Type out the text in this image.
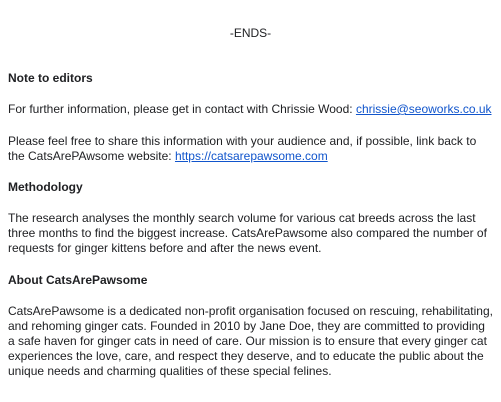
-ENDS-

Note to editors

For further information, please get in contact with Chrissie Wood: chrissie@seoworks.co.uk

Please feel free to share this information with your audience and, if possible, link back to the CatsArePAwsome website: https://catsarepawsome.com

Methodology

The research analyses the monthly search volume for various cat breeds across the last three months to find the biggest increase. CatsArePawsome also compared the number of requests for ginger kittens before and after the news event.

About CatsArePawsome

CatsArePawsome is a dedicated non-profit organisation focused on rescuing, rehabilitating, and rehoming ginger cats. Founded in 2010 by Jane Doe, they are committed to providing a safe haven for ginger cats in need of care. Our mission is to ensure that every ginger cat experiences the love, care, and respect they deserve, and to educate the public about the unique needs and charming qualities of these special felines.
